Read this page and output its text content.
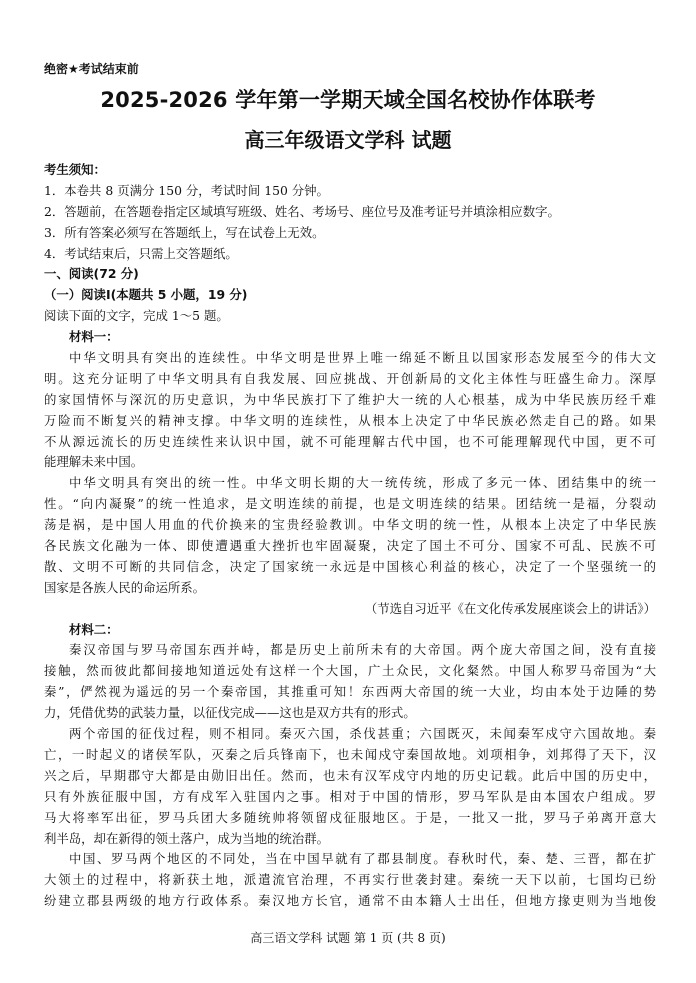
绝密★考试结束前
2025-2026 学年第一学期天域全国名校协作体联考
高三年级语文学科 试题
考生须知：
1．本卷共 8 页满分 150 分，考试时间 150 分钟。
2．答题前，在答题卷指定区域填写班级、姓名、考场号、座位号及准考证号并填涂相应数字。
3．所有答案必须写在答题纸上，写在试卷上无效。
4．考试结束后，只需上交答题纸。
一、阅读(72 分)
（一）阅读Ⅰ(本题共 5 小题，19 分)
阅读下面的文字，完成 1～5 题。
材料一：
中华文明具有突出的连续性。中华文明是世界上唯一绵延不断且以国家形态发展至今的伟大文
明。这充分证明了中华文明具有自我发展、回应挑战、开创新局的文化主体性与旺盛生命力。深厚
的家国情怀与深沉的历史意识，为中华民族打下了维护大一统的人心根基，成为中华民族历经千难
万险而不断复兴的精神支撑。中华文明的连续性，从根本上决定了中华民族必然走自己的路。如果
不从源远流长的历史连续性来认识中国，就不可能理解古代中国，也不可能理解现代中国，更不可
能理解未来中国。
中华文明具有突出的统一性。中华文明长期的大一统传统，形成了多元一体、团结集中的统一
性。“向内凝聚”的统一性追求，是文明连续的前提，也是文明连续的结果。团结统一是福，分裂动
荡是祸，是中国人用血的代价换来的宝贵经验教训。中华文明的统一性，从根本上决定了中华民族
各民族文化融为一体、即使遭遇重大挫折也牢固凝聚，决定了国土不可分、国家不可乱、民族不可
散、文明不可断的共同信念，决定了国家统一永远是中国核心利益的核心，决定了一个坚强统一的
国家是各族人民的命运所系。
（节选自习近平《在文化传承发展座谈会上的讲话》）
材料二：
秦汉帝国与罗马帝国东西并峙，都是历史上前所未有的大帝国。两个庞大帝国之间，没有直接
接触，然而彼此都间接地知道远处有这样一个大国，广土众民，文化粲然。中国人称罗马帝国为“大
秦”，俨然视为遥远的另一个秦帝国，其推重可知！东西两大帝国的统一大业，均由本处于边陲的势
力，凭借优势的武装力量，以征伐完成——这也是双方共有的形式。
两个帝国的征伐过程，则不相同。秦灭六国，杀伐甚重；六国既灭，未闻秦军戍守六国故地。秦
亡，一时起义的诸侯军队，灭秦之后兵锋南下，也未闻戍守秦国故地。刘项相争，刘邦得了天下，汉
兴之后，早期郡守大都是由勋旧出任。然而，也未有汉军戍守内地的历史记载。此后中国的历史中，
只有外族征服中国，方有戍军入驻国内之事。相对于中国的情形，罗马军队是由本国农户组成。罗
马大将率军出征，罗马兵团大多随统帅将领留戍征服地区。于是，一批又一批，罗马子弟离开意大
利半岛，却在新得的领土落户，成为当地的统治群。
中国、罗马两个地区的不同处，当在中国早就有了郡县制度。春秋时代，秦、楚、三晋，都在扩
大领土的过程中，将新获土地，派遣流官治理，不再实行世袭封建。秦统一天下以前，七国均已纷
纷建立郡县两级的地方行政体系。秦汉地方长官，通常不由本籍人士出任，但地方掾吏则为当地俊
高三语文学科 试题 第 1 页 (共 8 页)
